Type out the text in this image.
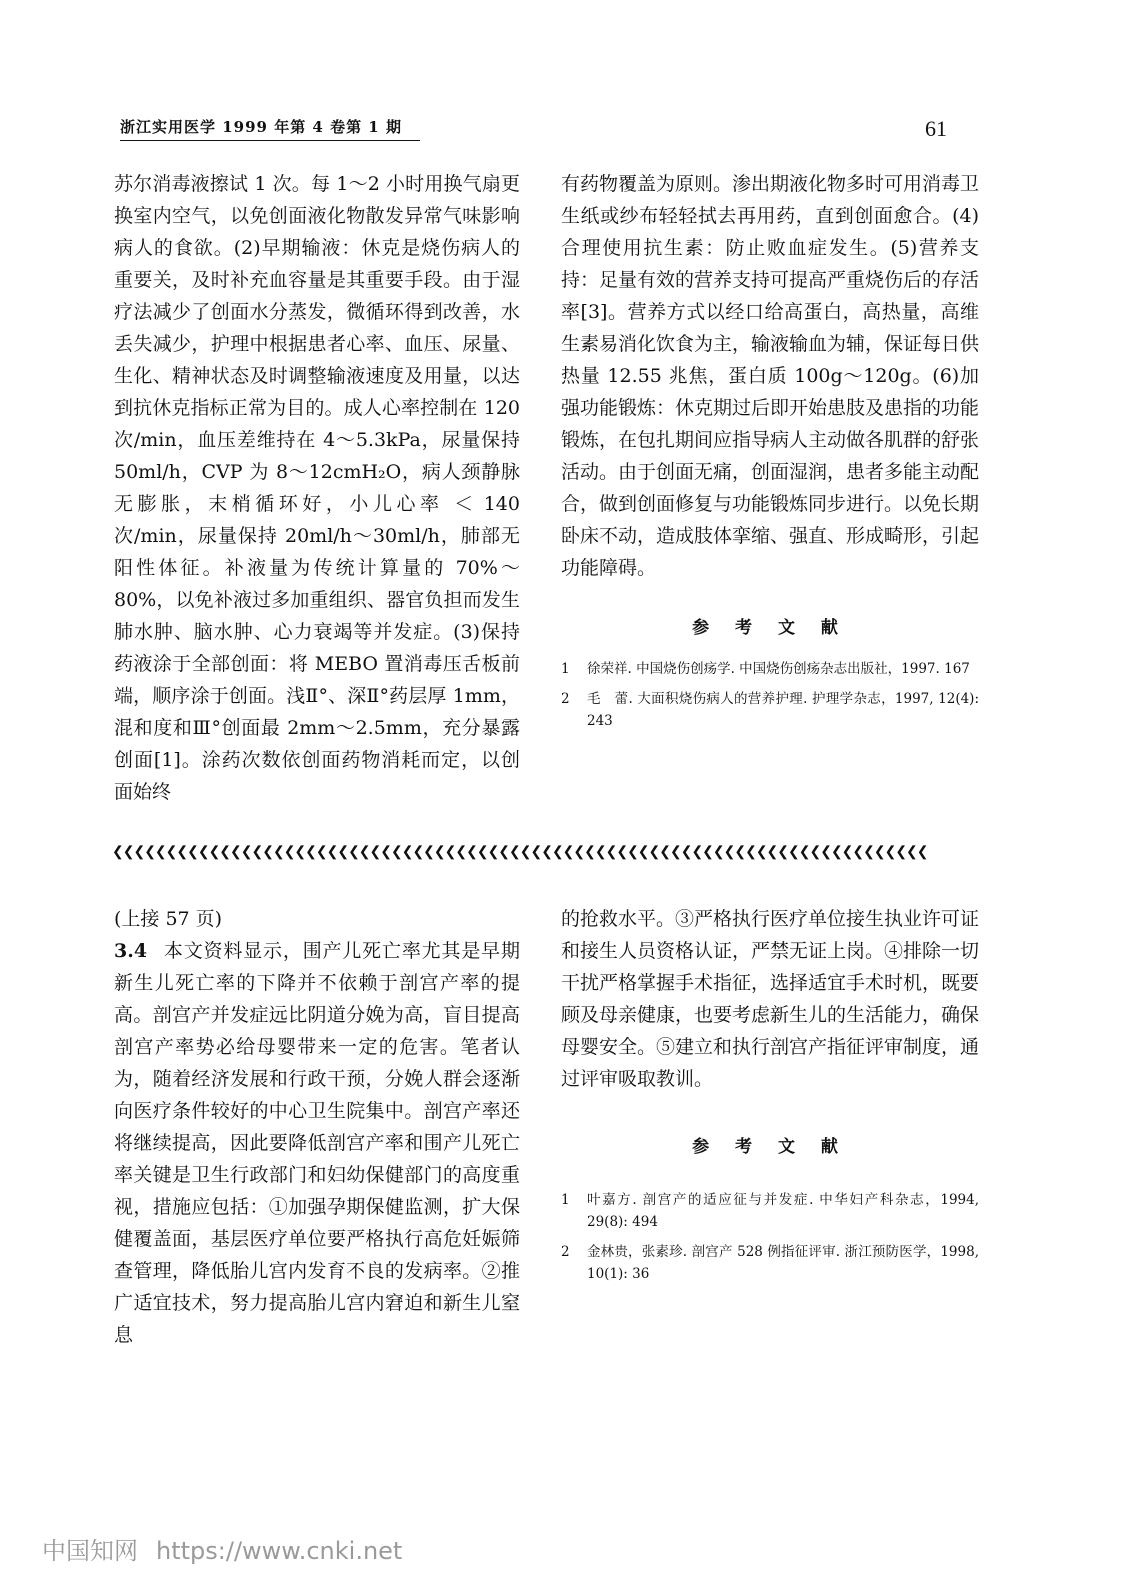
浙江实用医学 1999 年第 4 卷第 1 期	61

苏尔消毒液擦试 1 次。每 1～2 小时用换气扇更换室内空气，以免创面液化物散发异常气味影响病人的食欲。(2)早期输液：休克是烧伤病人的重要关，及时补充血容量是其重要手段。由于湿疗法减少了创面水分蒸发，微循环得到改善，水丢失减少，护理中根据患者心率、血压、尿量、生化、精神状态及时调整输液速度及用量，以达到抗休克指标正常为目的。成人心率控制在 120 次/min，血压差维持在 4～5.3kPa，尿量保持 50ml/h，CVP 为 8～12cmH₂O，病人颈静脉无膨胀，末梢循环好，小儿心率 ＜ 140 次/min，尿量保持 20ml/h～30ml/h，肺部无阳性体征。补液量为传统计算量的 70%～80%，以免补液过多加重组织、器官负担而发生肺水肿、脑水肿、心力衰竭等并发症。(3)保持药液涂于全部创面：将 MEBO 置消毒压舌板前端，顺序涂于创面。浅Ⅱ°、深Ⅱ°药层厚 1mm，混和度和Ⅲ°创面最 2mm～2.5mm，充分暴露创面[1]。涂药次数依创面药物消耗而定，以创面始终

有药物覆盖为原则。渗出期液化物多时可用消毒卫生纸或纱布轻轻拭去再用药，直到创面愈合。(4)合理使用抗生素：防止败血症发生。(5)营养支持：足量有效的营养支持可提高严重烧伤后的存活率[3]。营养方式以经口给高蛋白，高热量，高维生素易消化饮食为主，输液输血为辅，保证每日供热量 12.55 兆焦，蛋白质 100g～120g。(6)加强功能锻炼：休克期过后即开始患肢及患指的功能锻炼，在包扎期间应指导病人主动做各肌群的舒张活动。由于创面无痛，创面湿润，患者多能主动配合，做到创面修复与功能锻炼同步进行。以免长期卧床不动，造成肢体挛缩、强直、形成畸形，引起功能障碍。

参 考 文 献
1	徐荣祥. 中国烧伤创疡学. 中国烧伤创疡杂志出版社，1997. 167
2	毛　蕾. 大面积烧伤病人的营养护理. 护理学杂志，1997, 12(4): 243
❮❮❮❮❮❮❮❮❮❮❮❮❮❮❮❮❮❮❮❮❮❮❮❮❮❮❮❮❮❮❮❮❮❮❮❮❮❮❮❮❮❮❮❮❮❮❮❮❮❮❮❮❮❮❮❮❮❮❮❮❮❮❮❮❮❮❮❮❮❮❮❮❮❮❮❮

(上接 57 页)

3.4 本文资料显示，围产儿死亡率尤其是早期新生儿死亡率的下降并不依赖于剖宫产率的提高。剖宫产并发症远比阴道分娩为高，盲目提高剖宫产率势必给母婴带来一定的危害。笔者认为，随着经济发展和行政干预，分娩人群会逐渐向医疗条件较好的中心卫生院集中。剖宫产率还将继续提高，因此要降低剖宫产率和围产儿死亡率关键是卫生行政部门和妇幼保健部门的高度重视，措施应包括：①加强孕期保健监测，扩大保健覆盖面，基层医疗单位要严格执行高危妊娠筛查管理，降低胎儿宫内发育不良的发病率。②推广适宜技术，努力提高胎儿宫内窘迫和新生儿窒息

的抢救水平。③严格执行医疗单位接生执业许可证和接生人员资格认证，严禁无证上岗。④排除一切干扰严格掌握手术指征，选择适宜手术时机，既要顾及母亲健康，也要考虑新生儿的生活能力，确保母婴安全。⑤建立和执行剖宫产指征评审制度，通过评审吸取教训。

参 考 文 献
1	叶嘉方. 剖宫产的适应征与并发症. 中华妇产科杂志，1994, 29(8): 494
2	金林贵，张素珍. 剖宫产 528 例指征评审. 浙江预防医学，1998, 10(1): 36
中国知网 https://www.cnki.net
